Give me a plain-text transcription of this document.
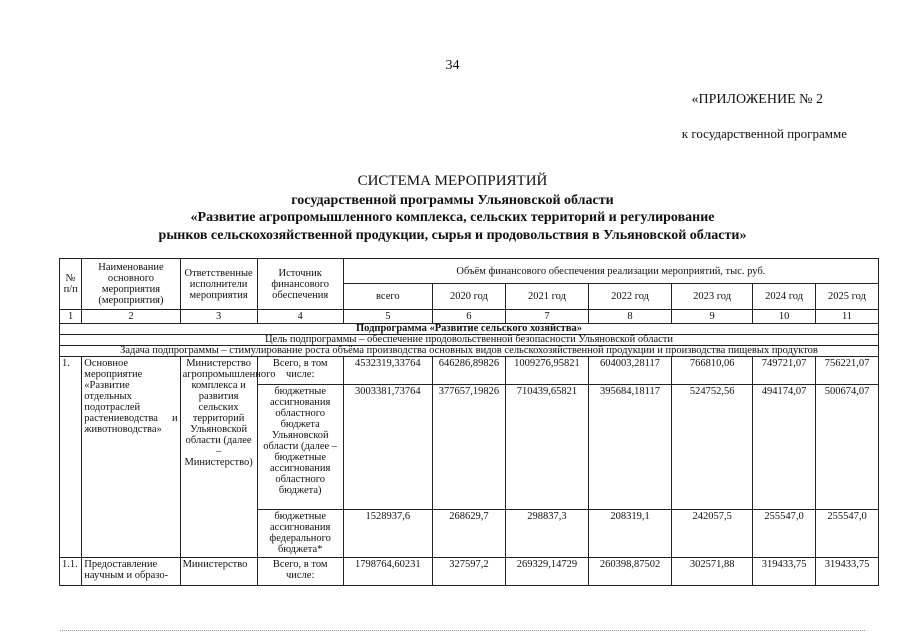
34
«ПРИЛОЖЕНИЕ № 2
к государственной программе
СИСТЕМА МЕРОПРИЯТИЙ
государственной программы Ульяновской области
«Развитие агропромышленного комплекса, сельских территорий и регулирование
рынков сельскохозяйственной продукции, сырья и продовольствия в Ульяновской области»
№ п/п	Наименование основного мероприятия (мероприятия)	Ответственные исполнители мероприятия	Источник финансового обеспечения	Объём финансового обеспечения реализации мероприятий, тыс. руб.						
				всего	2020 год	2021 год	2022 год	2023 год	2024 год	2025 год
1	2	3	4	5	6	7	8	9	10	11
Подпрограмма «Развитие сельского хозяйства»										
Цель подпрограммы – обеспечение продовольственной безопасности Ульяновской области										
Задача подпрограммы – стимулирование роста объёма производства основных видов сельскохозяйственной продукции и производства пищевых продуктов										
1.	Основное мероприятие «Развитие отдельных подотраслей растениеводства и животноводства»	Министерство агропромышленного комплекса и развития сельских территорий Ульяновской области (далее – Министерство)	Всего, в том числе:	4532319,33764	646286,89826	1009276,95821	604003,28117	766810,06	749721,07	756221,07
			бюджетные ассигнования областного бюджета Ульяновской области (далее – бюджетные ассигнования областного бюджета)	3003381,73764	377657,19826	710439,65821	395684,18117	524752,56	494174,07	500674,07
			бюджетные ассигнования федерального бюджета*	1528937,6	268629,7	298837,3	208319,1	242057,5	255547,0	255547,0
1.1.	Предоставление научным и образо-	Министерство	Всего, в том числе:	1798764,60231	327597,2	269329,14729	260398,87502	302571,88	319433,75	319433,75
